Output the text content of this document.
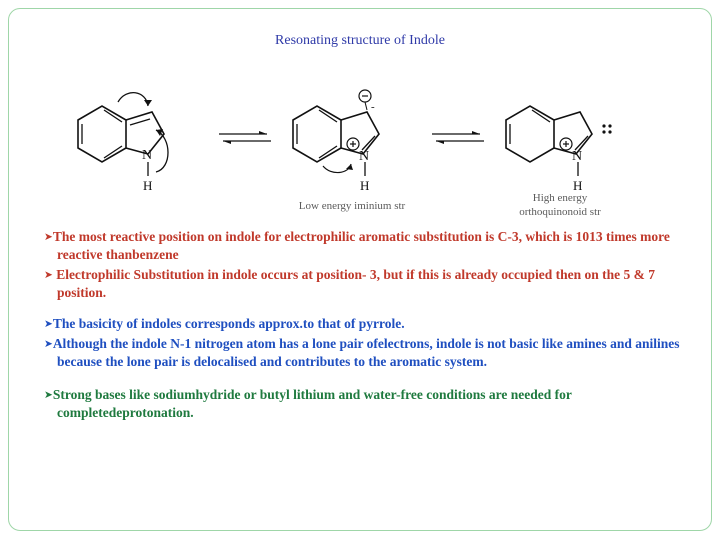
Resonating structure of Indole
N
H
-
N
H
N
H
Low energy iminium str
High energy
orthoquinonoid str

➤The most reactive position on indole for electrophilic aromatic substitution is C-3, which is 1013 times more reactive thanbenzene

➤ Electrophilic Substitution in indole occurs at position- 3, but if this is already occupied then on the 5 & 7 position.

➤The basicity of indoles corresponds approx.to that of pyrrole.

➤Although the indole N-1 nitrogen atom has a lone pair ofelectrons, indole is not basic like amines and anilines because the lone pair is delocalised and contributes to the aromatic system.

➤Strong bases like sodiumhydride or butyl lithium and water-free conditions are needed for completedeprotonation.
